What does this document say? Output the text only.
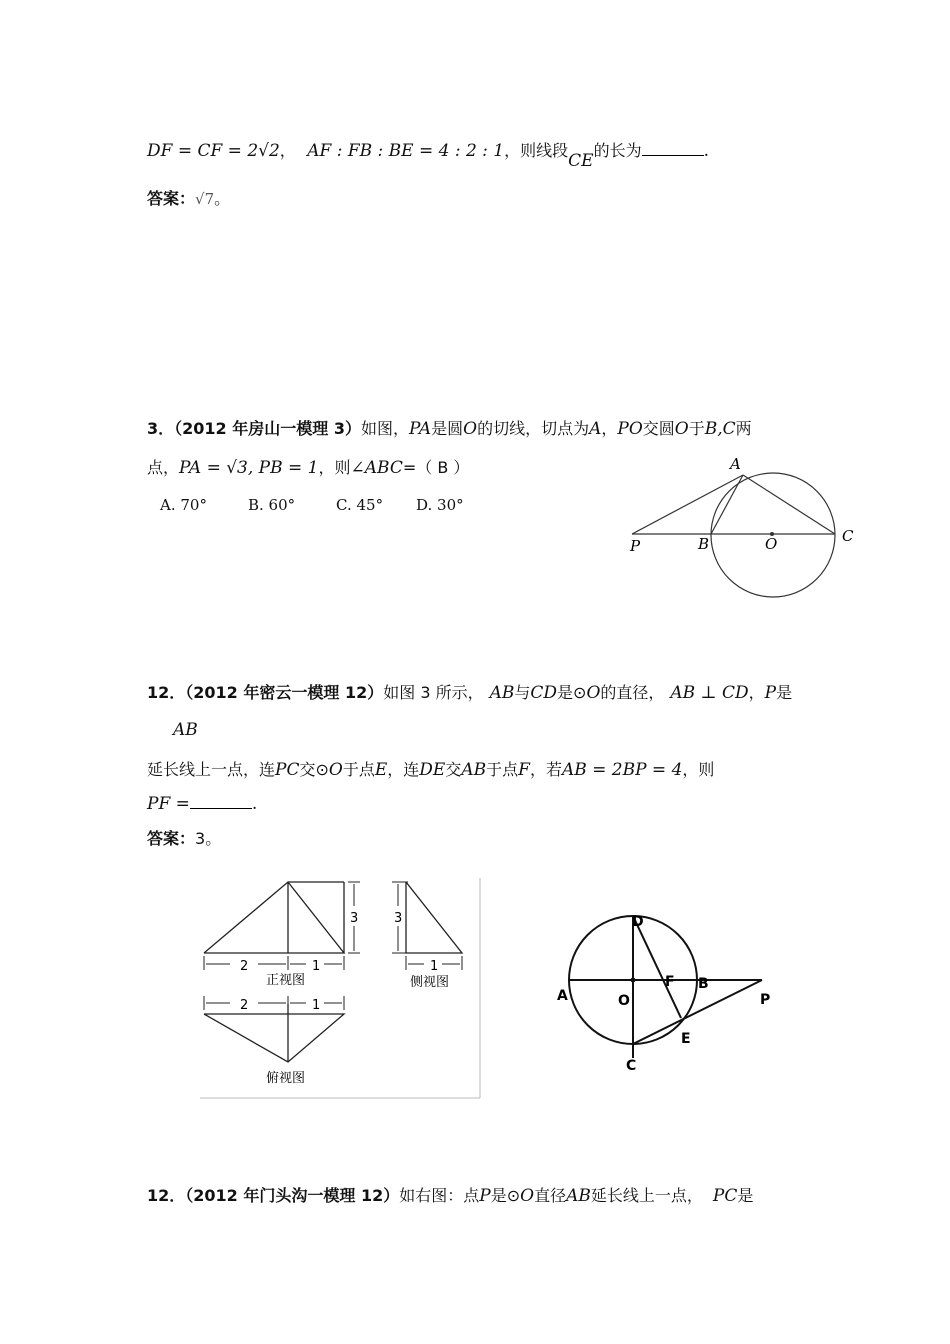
DF = CF = 2√2， AF : FB : BE = 4 : 2 : 1，则线段CE的长为	.
答案：√7。
3．（2012 年房山一模理 3）如图，PA是圆O的切线，切点为A，PO交圆O于B,C两
点，PA = √3, PB = 1，则∠ABC=（ B ）
A. 70°	B. 60°	C. 45° D. 30°
A
P	B	O	C
12．（2012 年密云一模理 12）如图 3 所示， AB与CD是⊙O的直径， AB ⊥ CD，P是
AB
延长线上一点，连PC交⊙O于点E，连DE交AB于点F，若AB = 2BP = 4，则
PF =	.
答案：3。
2	1
3
正视图
3
1
侧视图
2	1
俯视图
D
F B
A	O	P
E
C
12．（2012 年门头沟一模理 12）如右图：点P是⊙O直径AB延长线上一点， PC是
